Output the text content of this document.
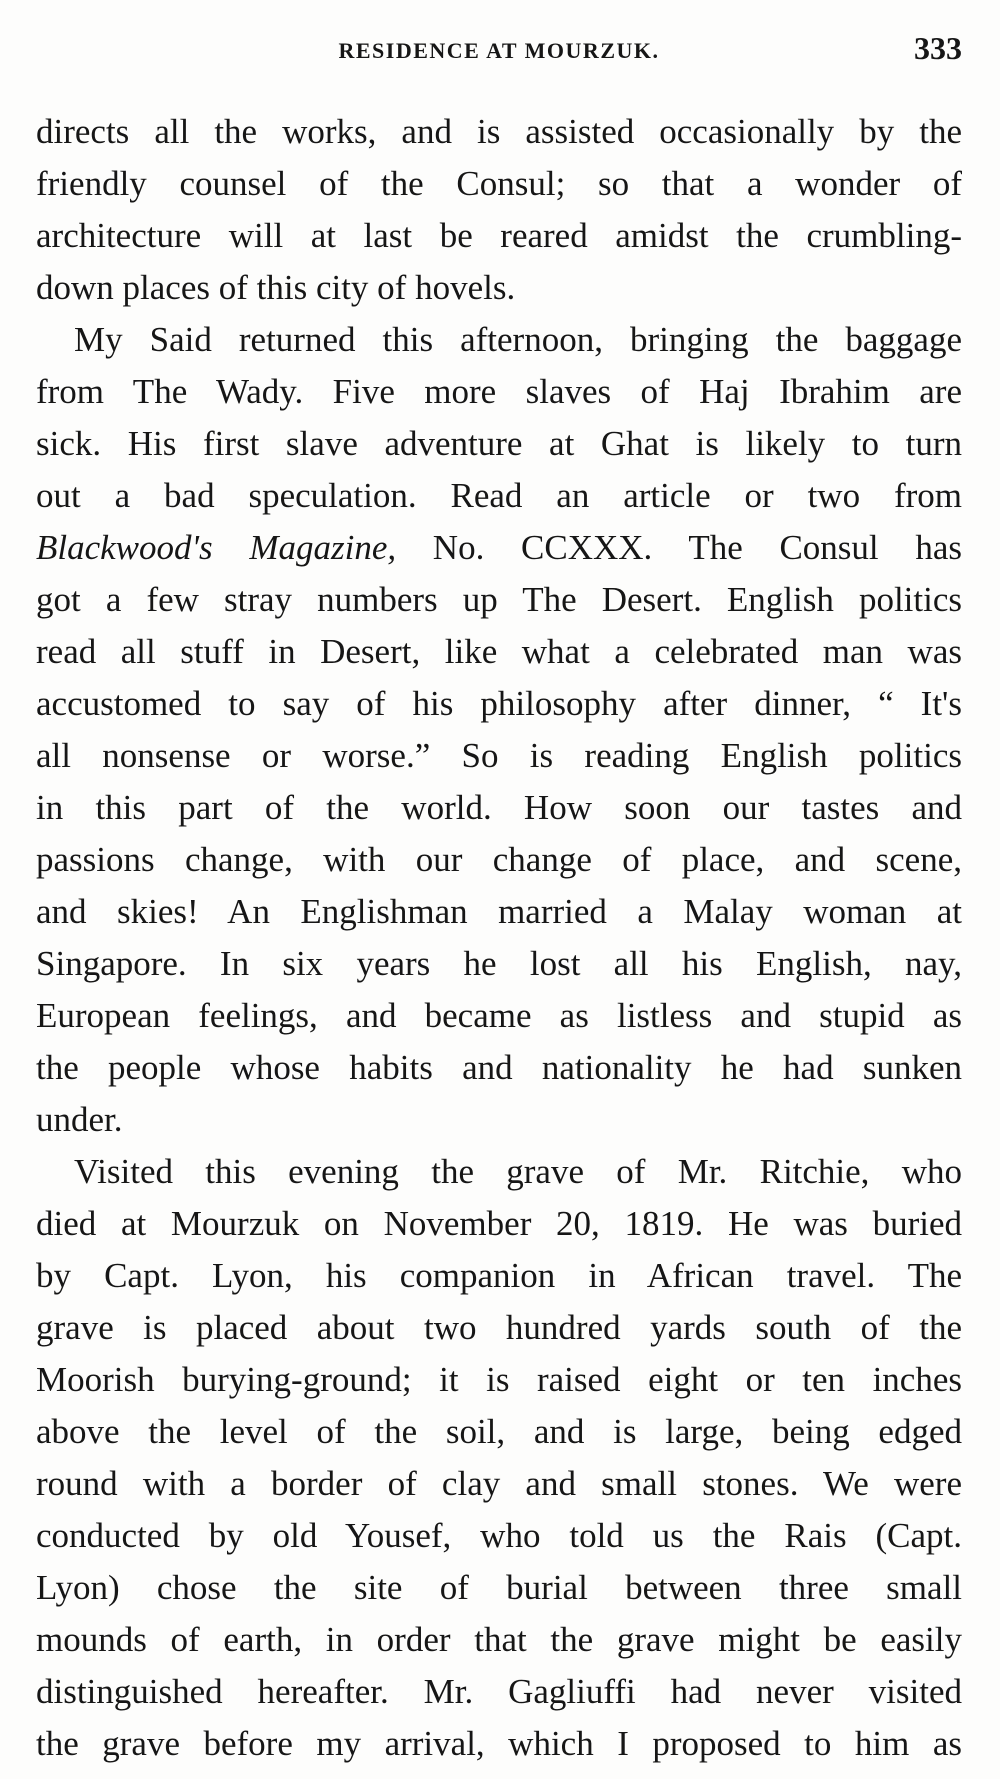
RESIDENCE AT MOURZUK.	333
directs all the works, and is assisted occasionally by the
friendly counsel of the Consul; so that a wonder of
architecture will at last be reared amidst the crumbling-
down places of this city of hovels.
My Said returned this afternoon, bringing the baggage
from The Wady. Five more slaves of Haj Ibrahim are
sick. His first slave adventure at Ghat is likely to turn
out a bad speculation. Read an article or two from
Blackwood's Magazine, No. CCXXX. The Consul has
got a few stray numbers up The Desert. English politics
read all stuff in Desert, like what a celebrated man was
accustomed to say of his philosophy after dinner, “ It's
all nonsense or worse.” So is reading English politics
in this part of the world. How soon our tastes and
passions change, with our change of place, and scene,
and skies! An Englishman married a Malay woman at
Singapore. In six years he lost all his English, nay,
European feelings, and became as listless and stupid as
the people whose habits and nationality he had sunken
under.
Visited this evening the grave of Mr. Ritchie, who
died at Mourzuk on November 20, 1819. He was buried
by Capt. Lyon, his companion in African travel. The
grave is placed about two hundred yards south of the
Moorish burying-ground; it is raised eight or ten inches
above the level of the soil, and is large, being edged
round with a border of clay and small stones. We were
conducted by old Yousef, who told us the Rais (Capt.
Lyon) chose the site of burial between three small
mounds of earth, in order that the grave might be easily
distinguished hereafter. Mr. Gagliuffi had never visited
the grave before my arrival, which I proposed to him as
